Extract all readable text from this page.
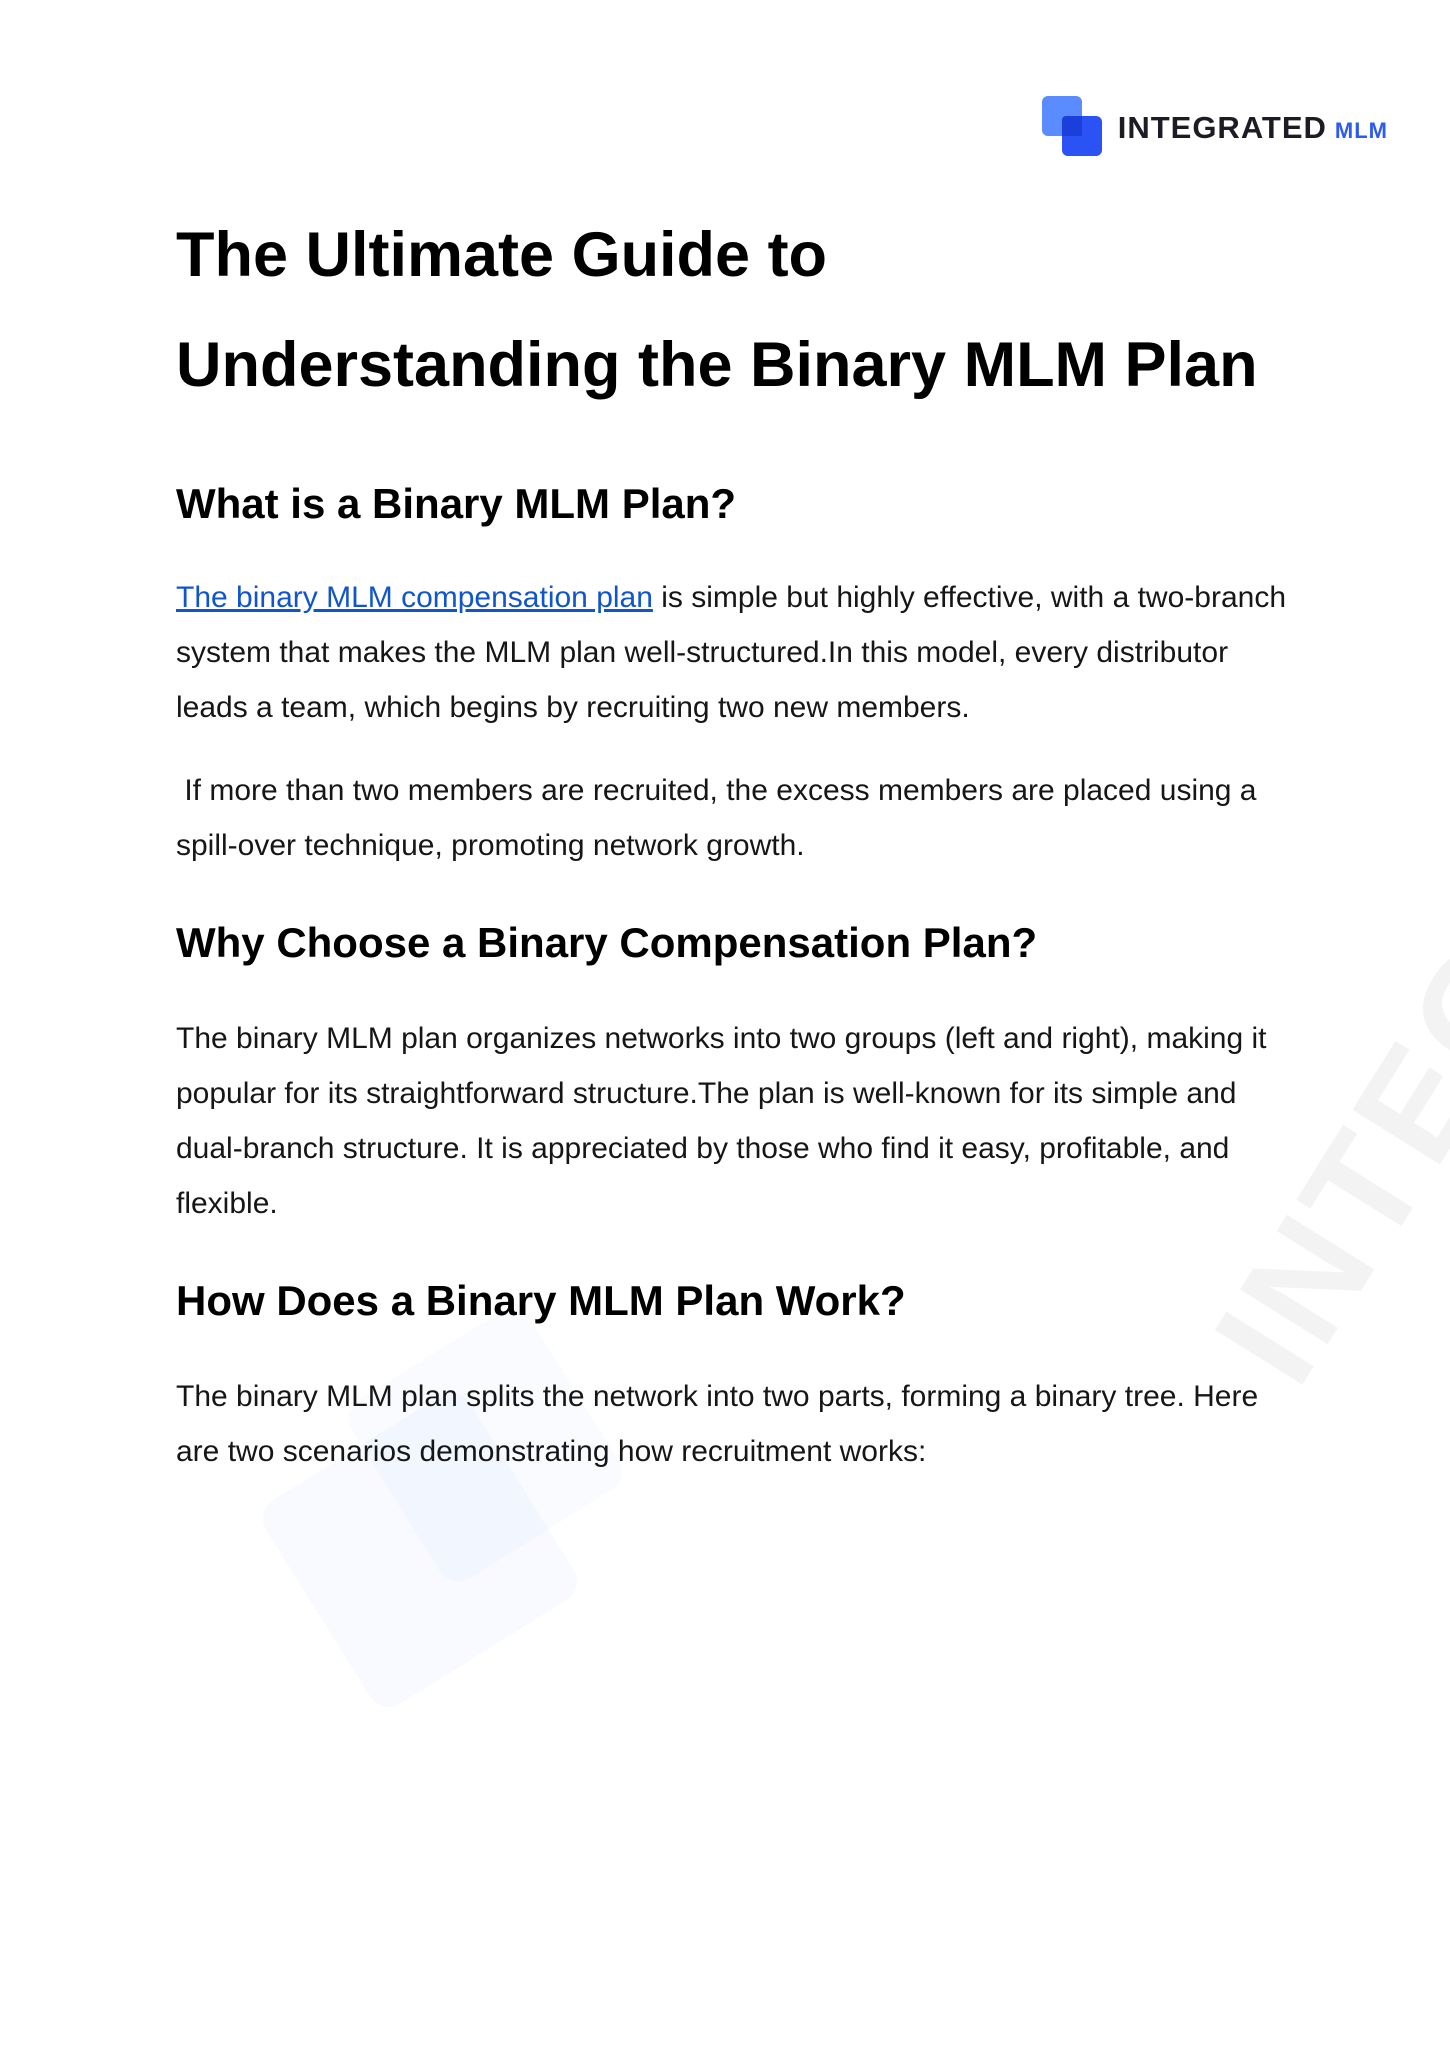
INTEGRATED MLM
The Ultimate Guide to
Understanding the Binary MLM Plan
What is a Binary MLM Plan?

The binary MLM compensation plan is simple but highly effective, with a two-branch system that makes the MLM plan well-structured.In this model, every distributor leads a team, which begins by recruiting two new members.

If more than two members are recruited, the excess members are placed using a spill-over technique, promoting network growth.

Why Choose a Binary Compensation Plan?

The binary MLM plan organizes networks into two groups (left and right), making it popular for its straightforward structure.The plan is well-known for its simple and dual-branch structure. It is appreciated by those who find it easy, profitable, and flexible.

How Does a Binary MLM Plan Work?

The binary MLM plan splits the network into two parts, forming a binary tree. Here are two scenarios demonstrating how recruitment works:
